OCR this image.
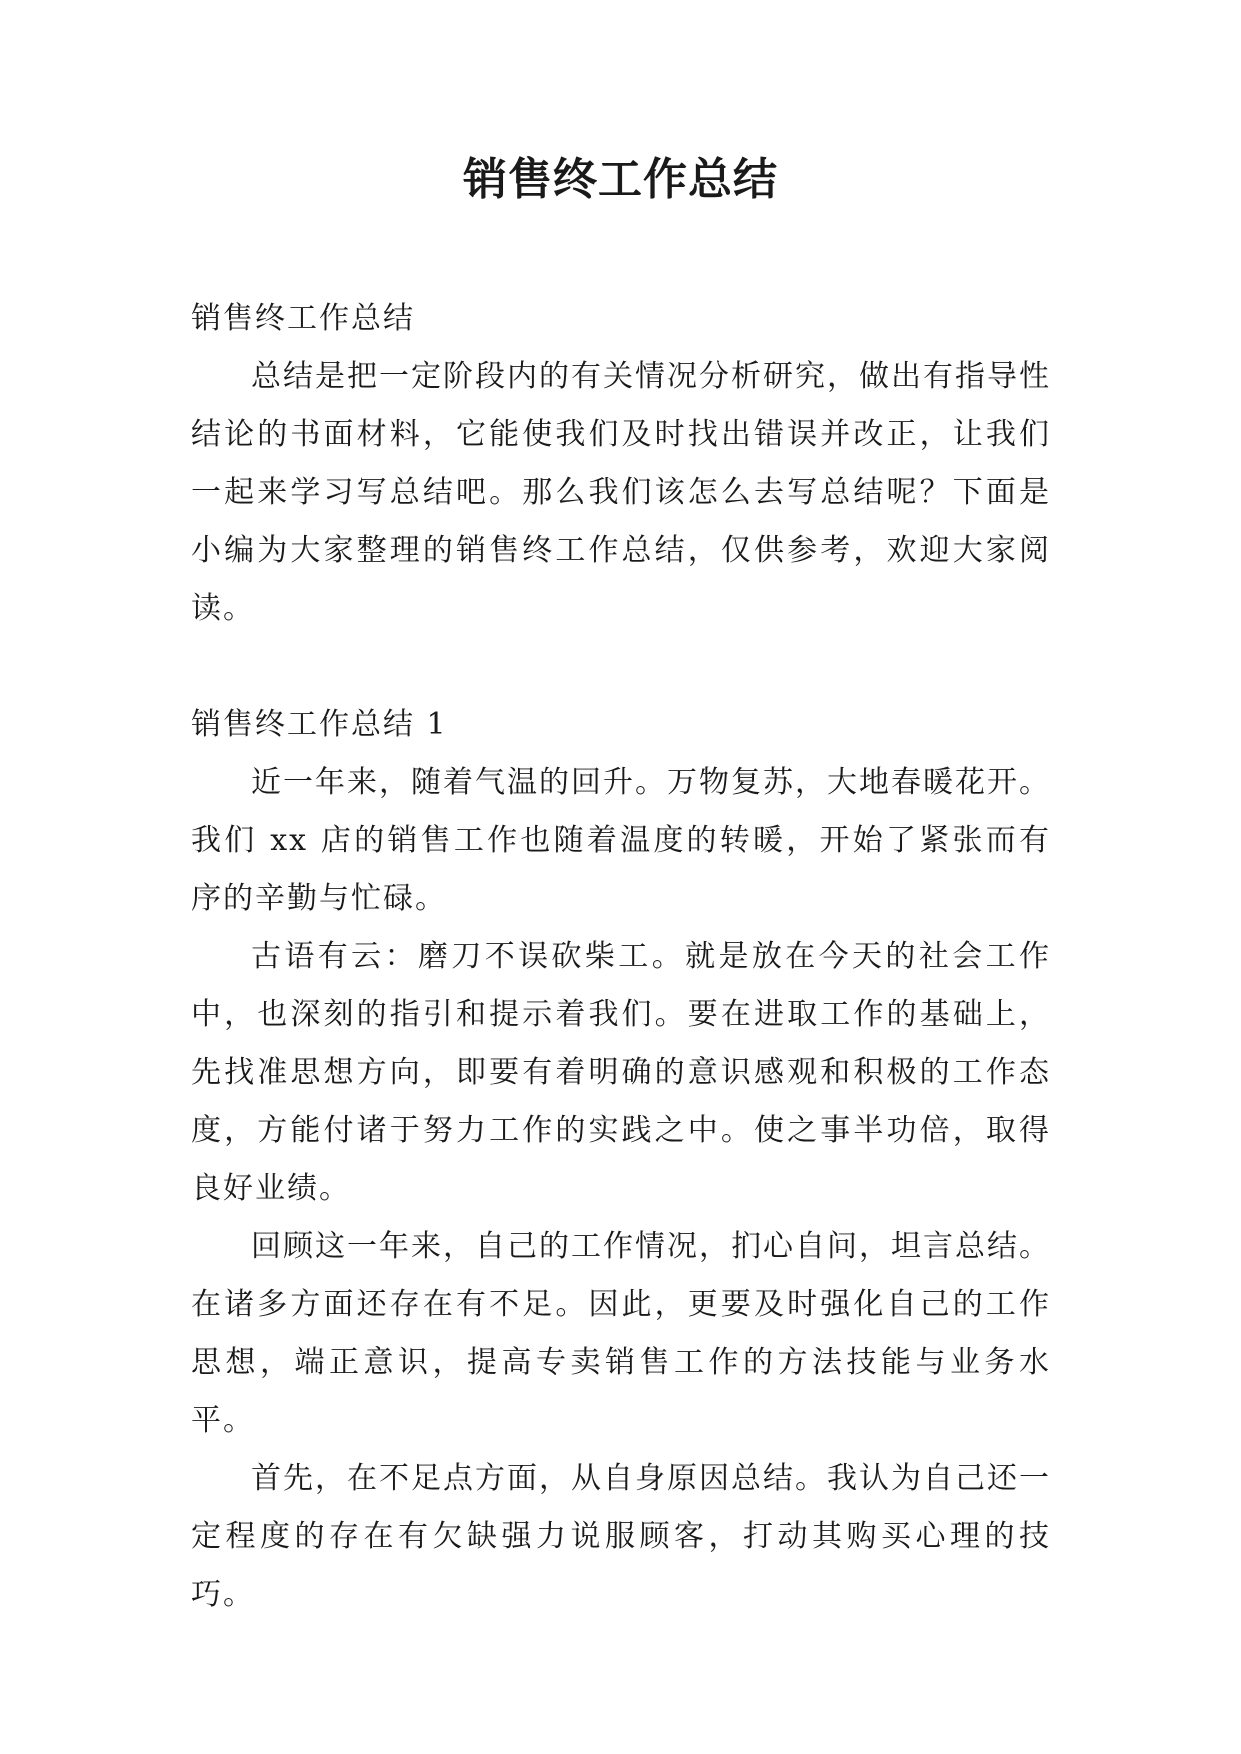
销售终工作总结

销售终工作总结

总结是把一定阶段内的有关情况分析研究，做出有指导性结论的书面材料，它能使我们及时找出错误并改正，让我们一起来学习写总结吧。那么我们该怎么去写总结呢？下面是小编为大家整理的销售终工作总结，仅供参考，欢迎大家阅读。

销售终工作总结 1

近一年来，随着气温的回升。万物复苏，大地春暖花开。我们 xx 店的销售工作也随着温度的转暖，开始了紧张而有序的辛勤与忙碌。

古语有云：磨刀不误砍柴工。就是放在今天的社会工作中，也深刻的指引和提示着我们。要在进取工作的基础上，先找准思想方向，即要有着明确的意识感观和积极的工作态度，方能付诸于努力工作的实践之中。使之事半功倍，取得良好业绩。

回顾这一年来，自己的工作情况，扪心自问，坦言总结。在诸多方面还存在有不足。因此，更要及时强化自己的工作思想，端正意识，提高专卖销售工作的方法技能与业务水平。

首先，在不足点方面，从自身原因总结。我认为自己还一定程度的存在有欠缺强力说服顾客，打动其购买心理的技巧。
